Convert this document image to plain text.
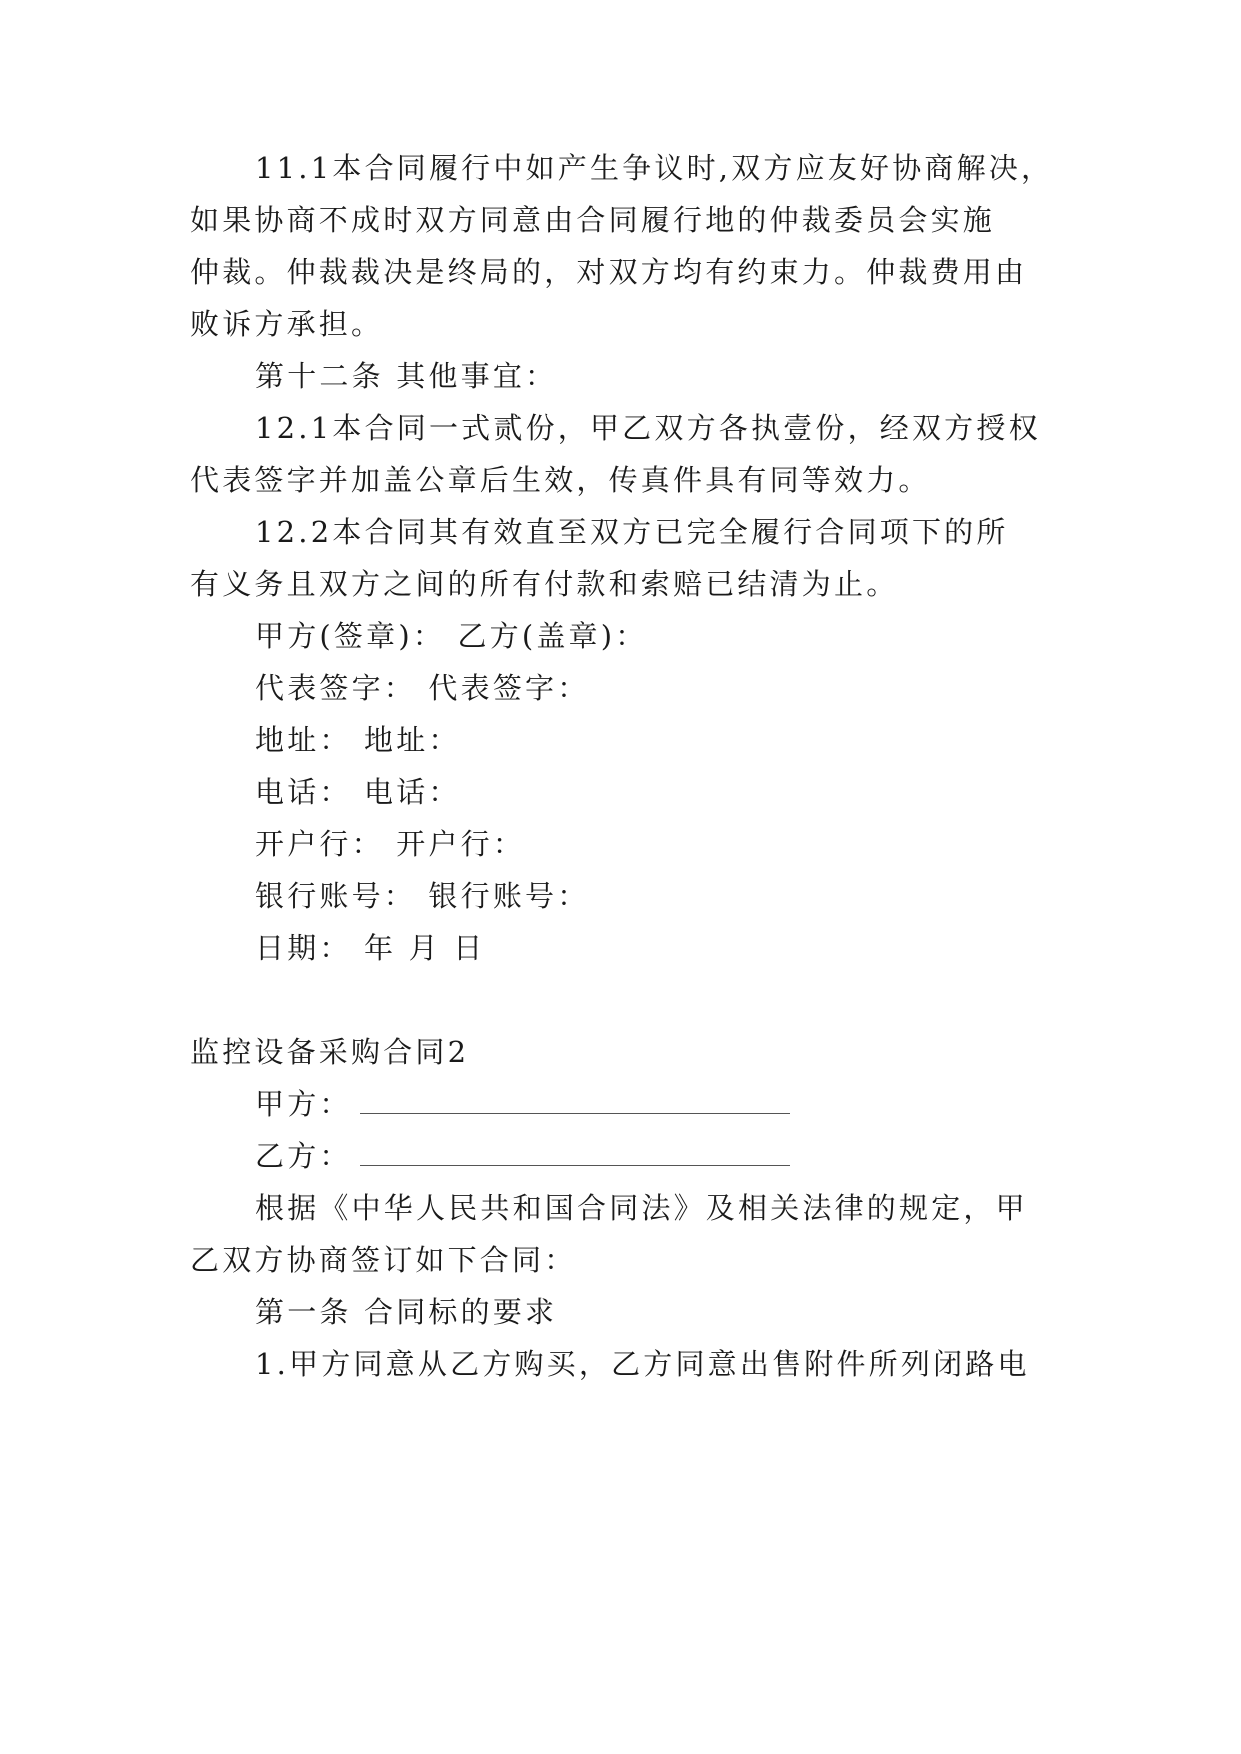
11.1本合同履行中如产生争议时,双方应友好协商解决，
如果协商不成时双方同意由合同履行地的仲裁委员会实施
仲裁。仲裁裁决是终局的，对双方均有约束力。仲裁费用由
败诉方承担。
第十二条 其他事宜：
12.1本合同一式贰份，甲乙双方各执壹份，经双方授权
代表签字并加盖公章后生效，传真件具有同等效力。
12.2本合同其有效直至双方已完全履行合同项下的所
有义务且双方之间的所有付款和索赔已结清为止。
甲方(签章)： 乙方(盖章)：
代表签字： 代表签字：
地址： 地址：
电话： 电话：
开户行： 开户行：
银行账号： 银行账号：
日期： 年 月 日
监控设备采购合同2
甲方：
乙方：
根据《中华人民共和国合同法》及相关法律的规定，甲
乙双方协商签订如下合同：
第一条 合同标的要求
1.甲方同意从乙方购买，乙方同意出售附件所列闭路电
